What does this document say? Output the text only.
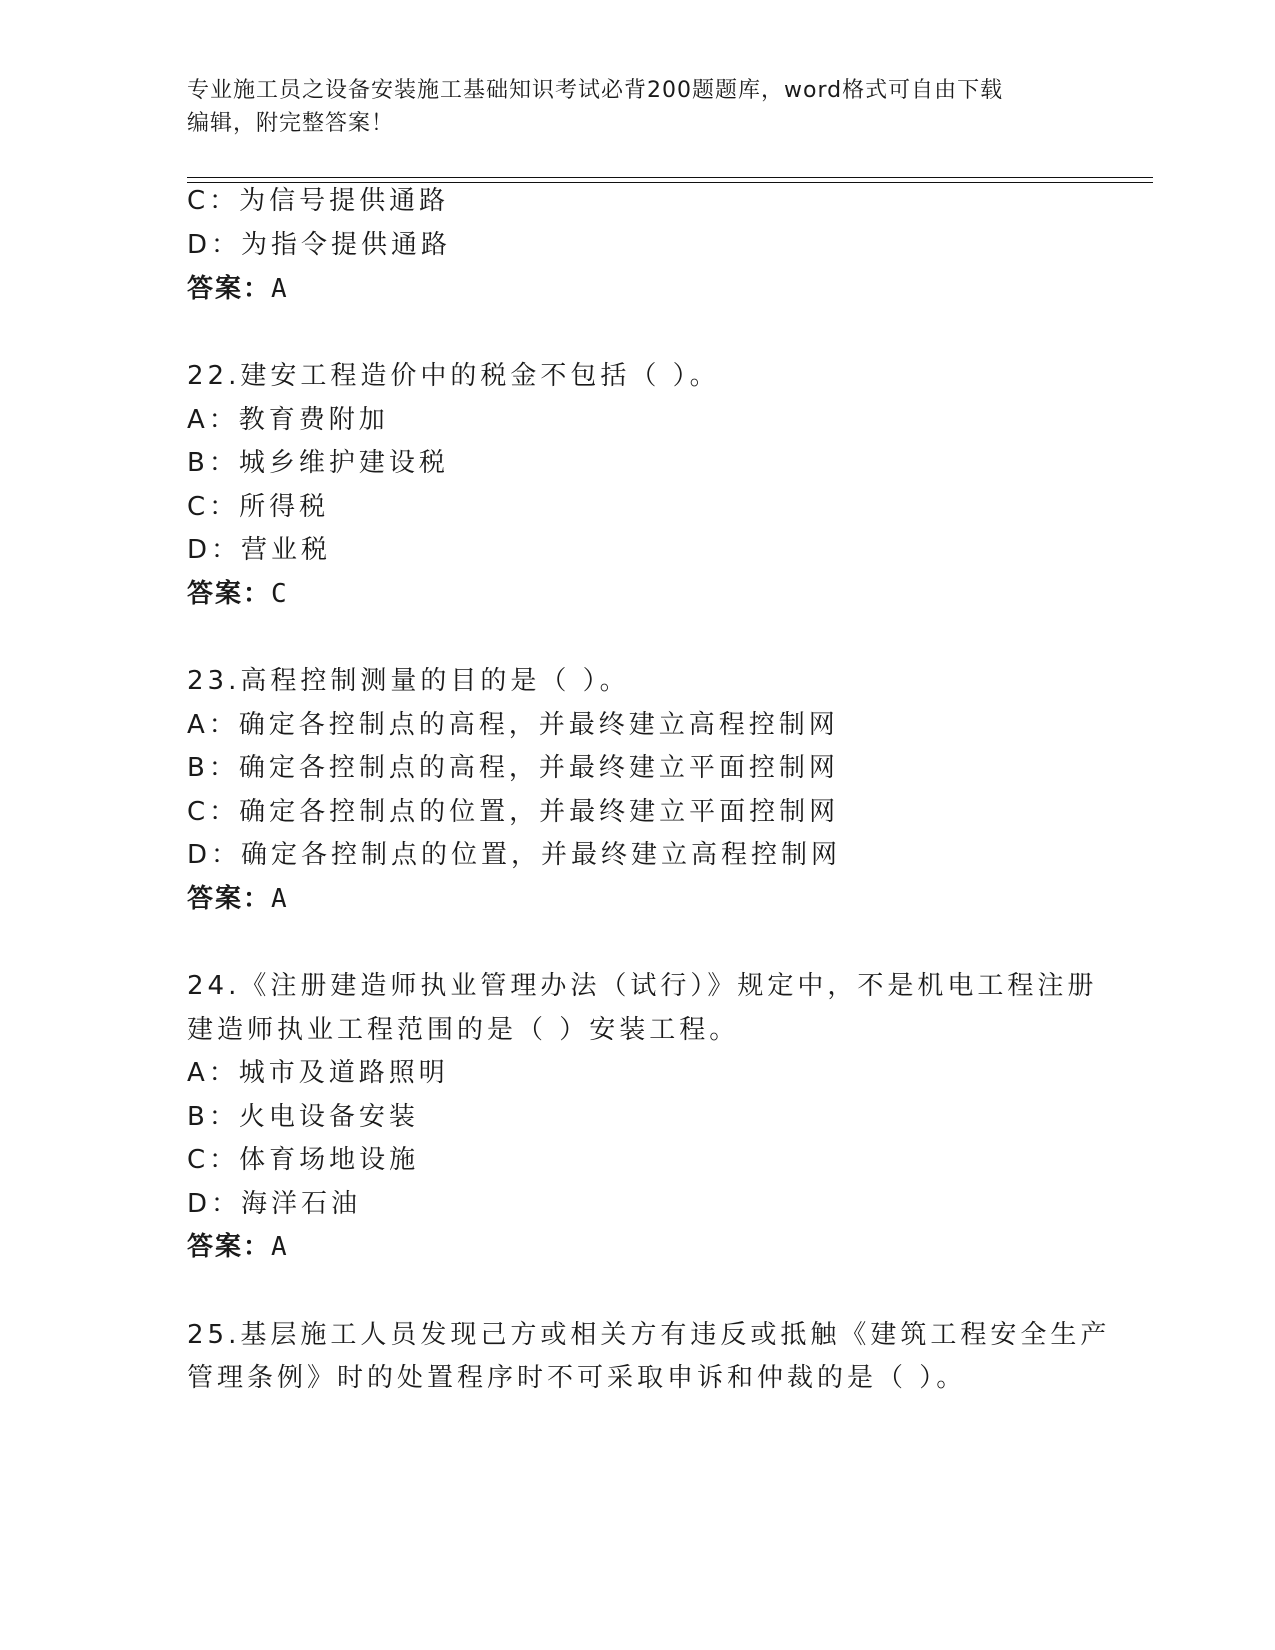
专业施工员之设备安装施工基础知识考试必背200题题库，word格式可自由下载
编辑，附完整答案！
C：为信号提供通路
D：为指令提供通路
答案：A
22.建安工程造价中的税金不包括（ ）。
A：教育费附加
B：城乡维护建设税
C：所得税
D：营业税
答案：C
23.高程控制测量的目的是（ ）。
A：确定各控制点的高程，并最终建立高程控制网
B：确定各控制点的高程，并最终建立平面控制网
C：确定各控制点的位置，并最终建立平面控制网
D：确定各控制点的位置，并最终建立高程控制网
答案：A
24.《注册建造师执业管理办法（试行）》规定中，不是机电工程注册
建造师执业工程范围的是（ ）安装工程。
A：城市及道路照明
B：火电设备安装
C：体育场地设施
D：海洋石油
答案：A
25.基层施工人员发现己方或相关方有违反或抵触《建筑工程安全生产
管理条例》时的处置程序时不可采取申诉和仲裁的是（ ）。
